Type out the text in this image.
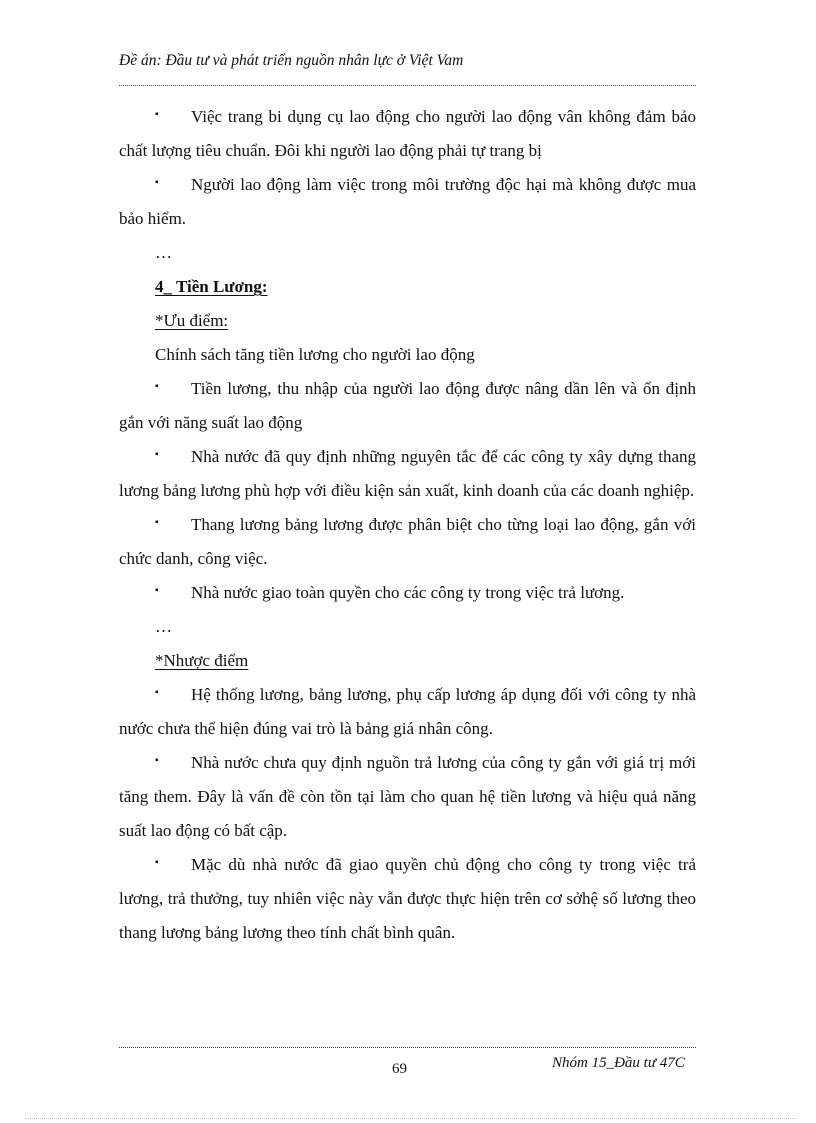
Đề án: Đầu tư và phát triển nguồn nhân lực ở Việt Vam
▪	Việc trang bi dụng cụ lao động cho người lao động vân không đảm bảo chất lượng tiêu chuẩn. Đôi khi người lao động phải tự trang bị
▪	Người lao động làm việc trong môi trường độc hại mà không được mua bảo hiểm.
…
4_ Tiền Lương:
*Ưu điểm:
Chính sách tăng tiền lương cho người lao động
▪	Tiền lương, thu nhập của người lao động được nâng dần lên và ổn định gắn với năng suất lao động
▪	Nhà nước đã quy định những nguyên tắc để các công ty xây dựng thang lương bảng lương phù hợp với điều kiện sản xuất, kinh doanh của các doanh nghiệp.
▪	Thang lương bảng lương được phân biệt cho từng loại lao động, gắn với chức danh, công việc.
▪	Nhà nước giao toàn quyền cho các công ty trong việc trả lương.
…
*Nhược điểm
▪	Hệ thống lương, bảng lương, phụ cấp lương áp dụng đối với công ty nhà nước chưa thể hiện đúng vai trò là bảng giá nhân công.
▪	Nhà nước chưa quy định nguồn trả lương của công ty gắn với giá trị mới tăng them. Đây là vấn đề còn tồn tại làm cho quan hệ tiền lương và hiệu quả năng suất lao động có bất cập.
▪	Mặc dù nhà nước đã giao quyền chủ động cho công ty trong việc trả lương, trả thưởng, tuy nhiên việc này vẫn được thực hiện trên cơ sởhệ số lương theo thang lương bảng lương theo tính chất bình quân.
69	Nhóm 15_Đầu tư 47C
